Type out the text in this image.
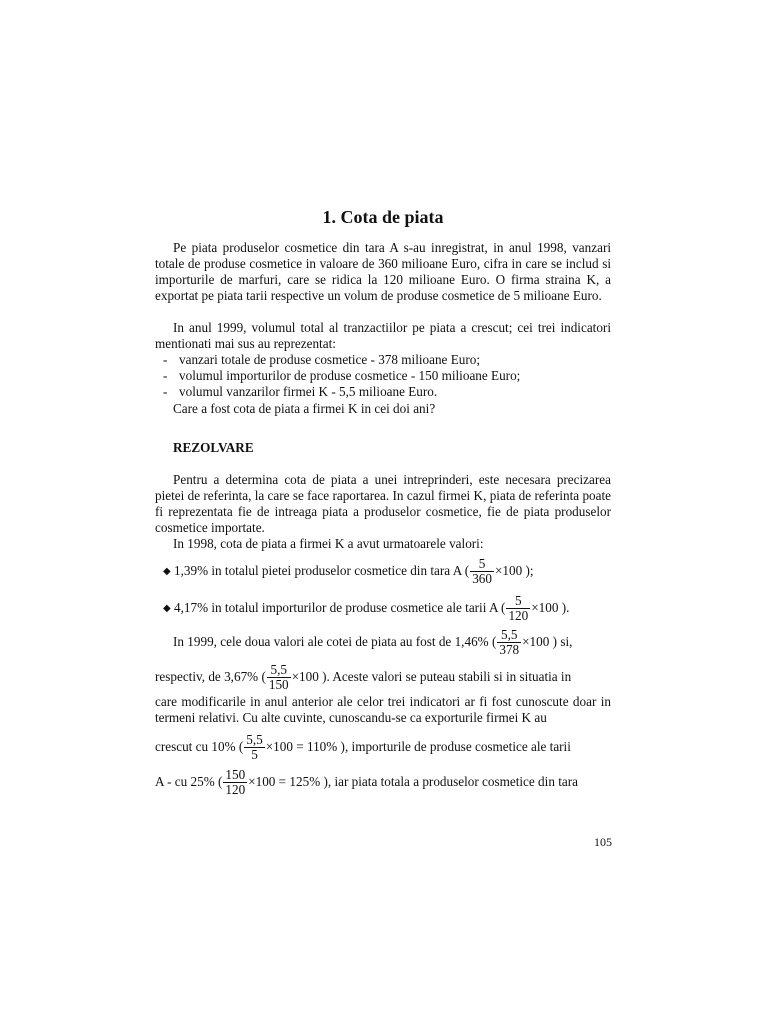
1. Cota de piata

Pe piata produselor cosmetice din tara A s-au inregistrat, in anul 1998, vanzari totale de produse cosmetice in valoare de 360 milioane Euro, cifra in care se includ si importurile de marfuri, care se ridica la 120 milioane Euro. O firma straina K, a exportat pe piata tarii respective un volum de produse cosmetice de 5 milioane Euro.

In anul 1999, volumul total al tranzactiilor pe piata a crescut; cei trei indicatori mentionati mai sus au reprezentat:

- vanzari totale de produse cosmetice - 378 milioane Euro;
- volumul importurilor de produse cosmetice - 150 milioane Euro;
- volumul vanzarilor firmei K - 5,5 milioane Euro.

Care a fost cota de piata a firmei K in cei doi ani?

REZOLVARE

Pentru a determina cota de piata a unei intreprinderi, este necesara precizarea pietei de referinta, la care se face raportarea. In cazul firmei K, piata de referinta poate fi reprezentata fie de intreaga piata a produselor cosmetice, fie de piata produselor cosmetice importate.

In 1998, cota de piata a firmei K a avut urmatoarele valori:

◆ 1,39% in totalul pietei produselor cosmetice din tara A ( $\frac{5}{360} \times 100$ );
◆ 4,17% in totalul importurilor de produse cosmetice ale tarii A ( $\frac{5}{120} \times 100$ ).
In 1999, cele doua valori ale cotei de piata au fost de 1,46% ( $\frac{5,5}{378} \times 100$ ) si,
respectiv, de 3,67% ( $\frac{5,5}{150} \times 100$ ). Aceste valori se puteau stabili si in situatia in

care modificarile in anul anterior ale celor trei indicatori ar fi fost cunoscute doar in termeni relativi. Cu alte cuvinte, cunoscandu-se ca exporturile firmei K au

crescut cu 10% ( $\frac{5,5}{5} \times 100 = 110\%$ ), importurile de produse cosmetice ale tarii
A - cu 25% ( $\frac{150}{120} \times 100 = 125\%$ ), iar piata totala a produselor cosmetice din tara
105
